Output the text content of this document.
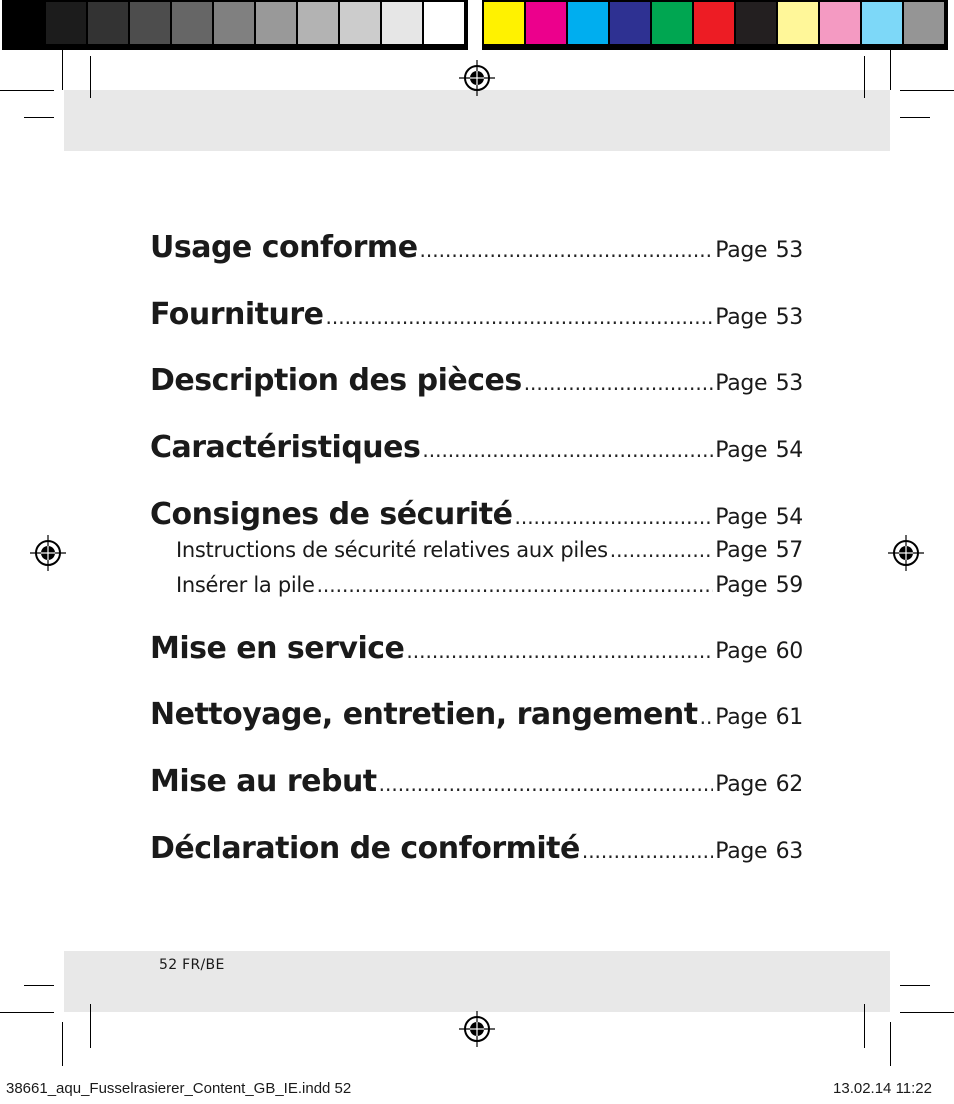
Usage conforme .....	Page 53
Fourniture .....	Page 53
Description des pièces .....	Page 53
Caractéristiques .....	Page 54
Consignes de sécurité .....	Page 54
Instructions de sécurité relatives aux piles .....	Page 57
Insérer la pile .....	Page 59
Mise en service .....	Page 60
Nettoyage, entretien, rangement ..... Page 61
Mise au rebut .....	Page 62
Déclaration de conformité .....	Page 63
52 FR/BE
38661_aqu_Fusselrasierer_Content_GB_IE.indd 52	13.02.14 11:22
